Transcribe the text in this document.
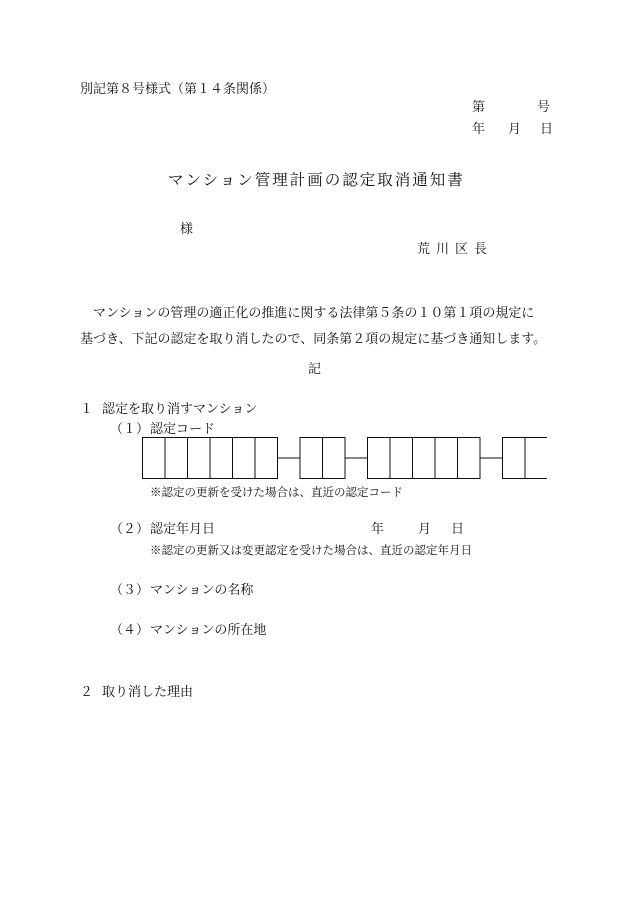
別記第８号様式（第１４条関係）
第	号
年 月 日
マンション管理計画の認定取消通知書
様
荒川区長

　マンションの管理の適正化の推進に関する法律第５条の１０第１項の規定に

基づき、下記の認定を取り消したので、同条第２項の規定に基づき通知します。

記
１ 認定を取り消すマンション
（１） 認定コード
※認定の更新を受けた場合は、直近の認定コード
（２） 認定年月日	年	月 日
※認定の更新又は変更認定を受けた場合は、直近の認定年月日
（３） マンションの名称
（４） マンションの所在地
２ 取り消した理由
